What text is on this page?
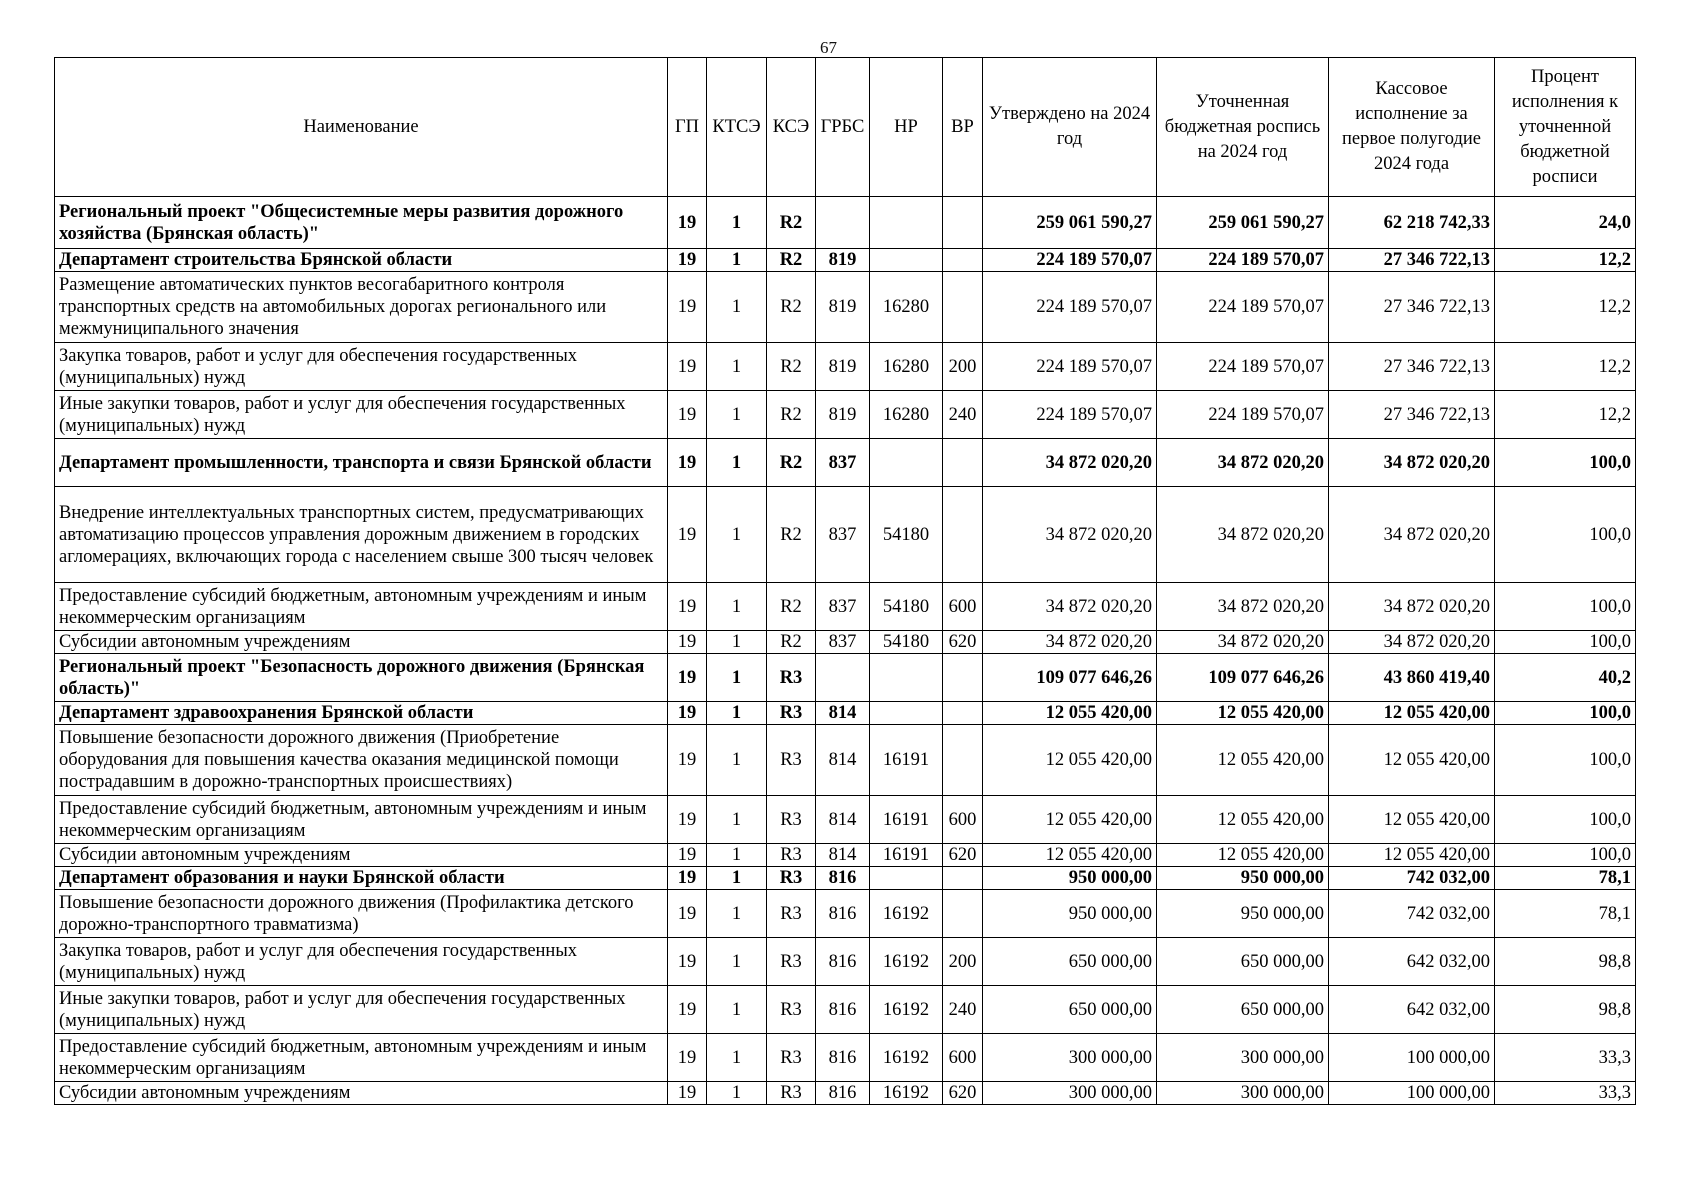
67
Наименование	ГП	КТСЭ	КСЭ	ГРБС	НР	ВР	Утверждено на 2024 год	Уточненная бюджетная роспись на 2024 год	Кассовое исполнение за первое полугодие 2024 года	Процент исполнения к уточненной бюджетной росписи
Региональный проект "Общесистемные меры развития дорожного хозяйства (Брянская область)"	19	1	R2				259 061 590,27	259 061 590,27	62 218 742,33	24,0
Департамент строительства Брянской области	19	1	R2	819			224 189 570,07	224 189 570,07	27 346 722,13	12,2
Размещение автоматических пунктов весогабаритного контроля транспортных средств на автомобильных дорогах регионального или межмуниципального значения	19	1	R2	819	16280		224 189 570,07	224 189 570,07	27 346 722,13	12,2
Закупка товаров, работ и услуг для обеспечения государственных (муниципальных) нужд	19	1	R2	819	16280	200	224 189 570,07	224 189 570,07	27 346 722,13	12,2
Иные закупки товаров, работ и услуг для обеспечения государственных (муниципальных) нужд	19	1	R2	819	16280	240	224 189 570,07	224 189 570,07	27 346 722,13	12,2
Департамент промышленности, транспорта и связи Брянской области	19	1	R2	837			34 872 020,20	34 872 020,20	34 872 020,20	100,0
Внедрение интеллектуальных транспортных систем, предусматривающих автоматизацию процессов управления дорожным движением в городских агломерациях, включающих города с населением свыше 300 тысяч человек	19	1	R2	837	54180		34 872 020,20	34 872 020,20	34 872 020,20	100,0
Предоставление субсидий бюджетным, автономным учреждениям и иным некоммерческим организациям	19	1	R2	837	54180	600	34 872 020,20	34 872 020,20	34 872 020,20	100,0
Субсидии автономным учреждениям	19	1	R2	837	54180	620	34 872 020,20	34 872 020,20	34 872 020,20	100,0
Региональный проект "Безопасность дорожного движения (Брянская область)"	19	1	R3				109 077 646,26	109 077 646,26	43 860 419,40	40,2
Департамент здравоохранения Брянской области	19	1	R3	814			12 055 420,00	12 055 420,00	12 055 420,00	100,0
Повышение безопасности дорожного движения (Приобретение оборудования для повышения качества оказания медицинской помощи пострадавшим в дорожно-транспортных происшествиях)	19	1	R3	814	16191		12 055 420,00	12 055 420,00	12 055 420,00	100,0
Предоставление субсидий бюджетным, автономным учреждениям и иным некоммерческим организациям	19	1	R3	814	16191	600	12 055 420,00	12 055 420,00	12 055 420,00	100,0
Субсидии автономным учреждениям	19	1	R3	814	16191	620	12 055 420,00	12 055 420,00	12 055 420,00	100,0
Департамент образования и науки Брянской области	19	1	R3	816			950 000,00	950 000,00	742 032,00	78,1
Повышение безопасности дорожного движения (Профилактика детского дорожно-транспортного травматизма)	19	1	R3	816	16192		950 000,00	950 000,00	742 032,00	78,1
Закупка товаров, работ и услуг для обеспечения государственных (муниципальных) нужд	19	1	R3	816	16192	200	650 000,00	650 000,00	642 032,00	98,8
Иные закупки товаров, работ и услуг для обеспечения государственных (муниципальных) нужд	19	1	R3	816	16192	240	650 000,00	650 000,00	642 032,00	98,8
Предоставление субсидий бюджетным, автономным учреждениям и иным некоммерческим организациям	19	1	R3	816	16192	600	300 000,00	300 000,00	100 000,00	33,3
Субсидии автономным учреждениям	19	1	R3	816	16192	620	300 000,00	300 000,00	100 000,00	33,3
